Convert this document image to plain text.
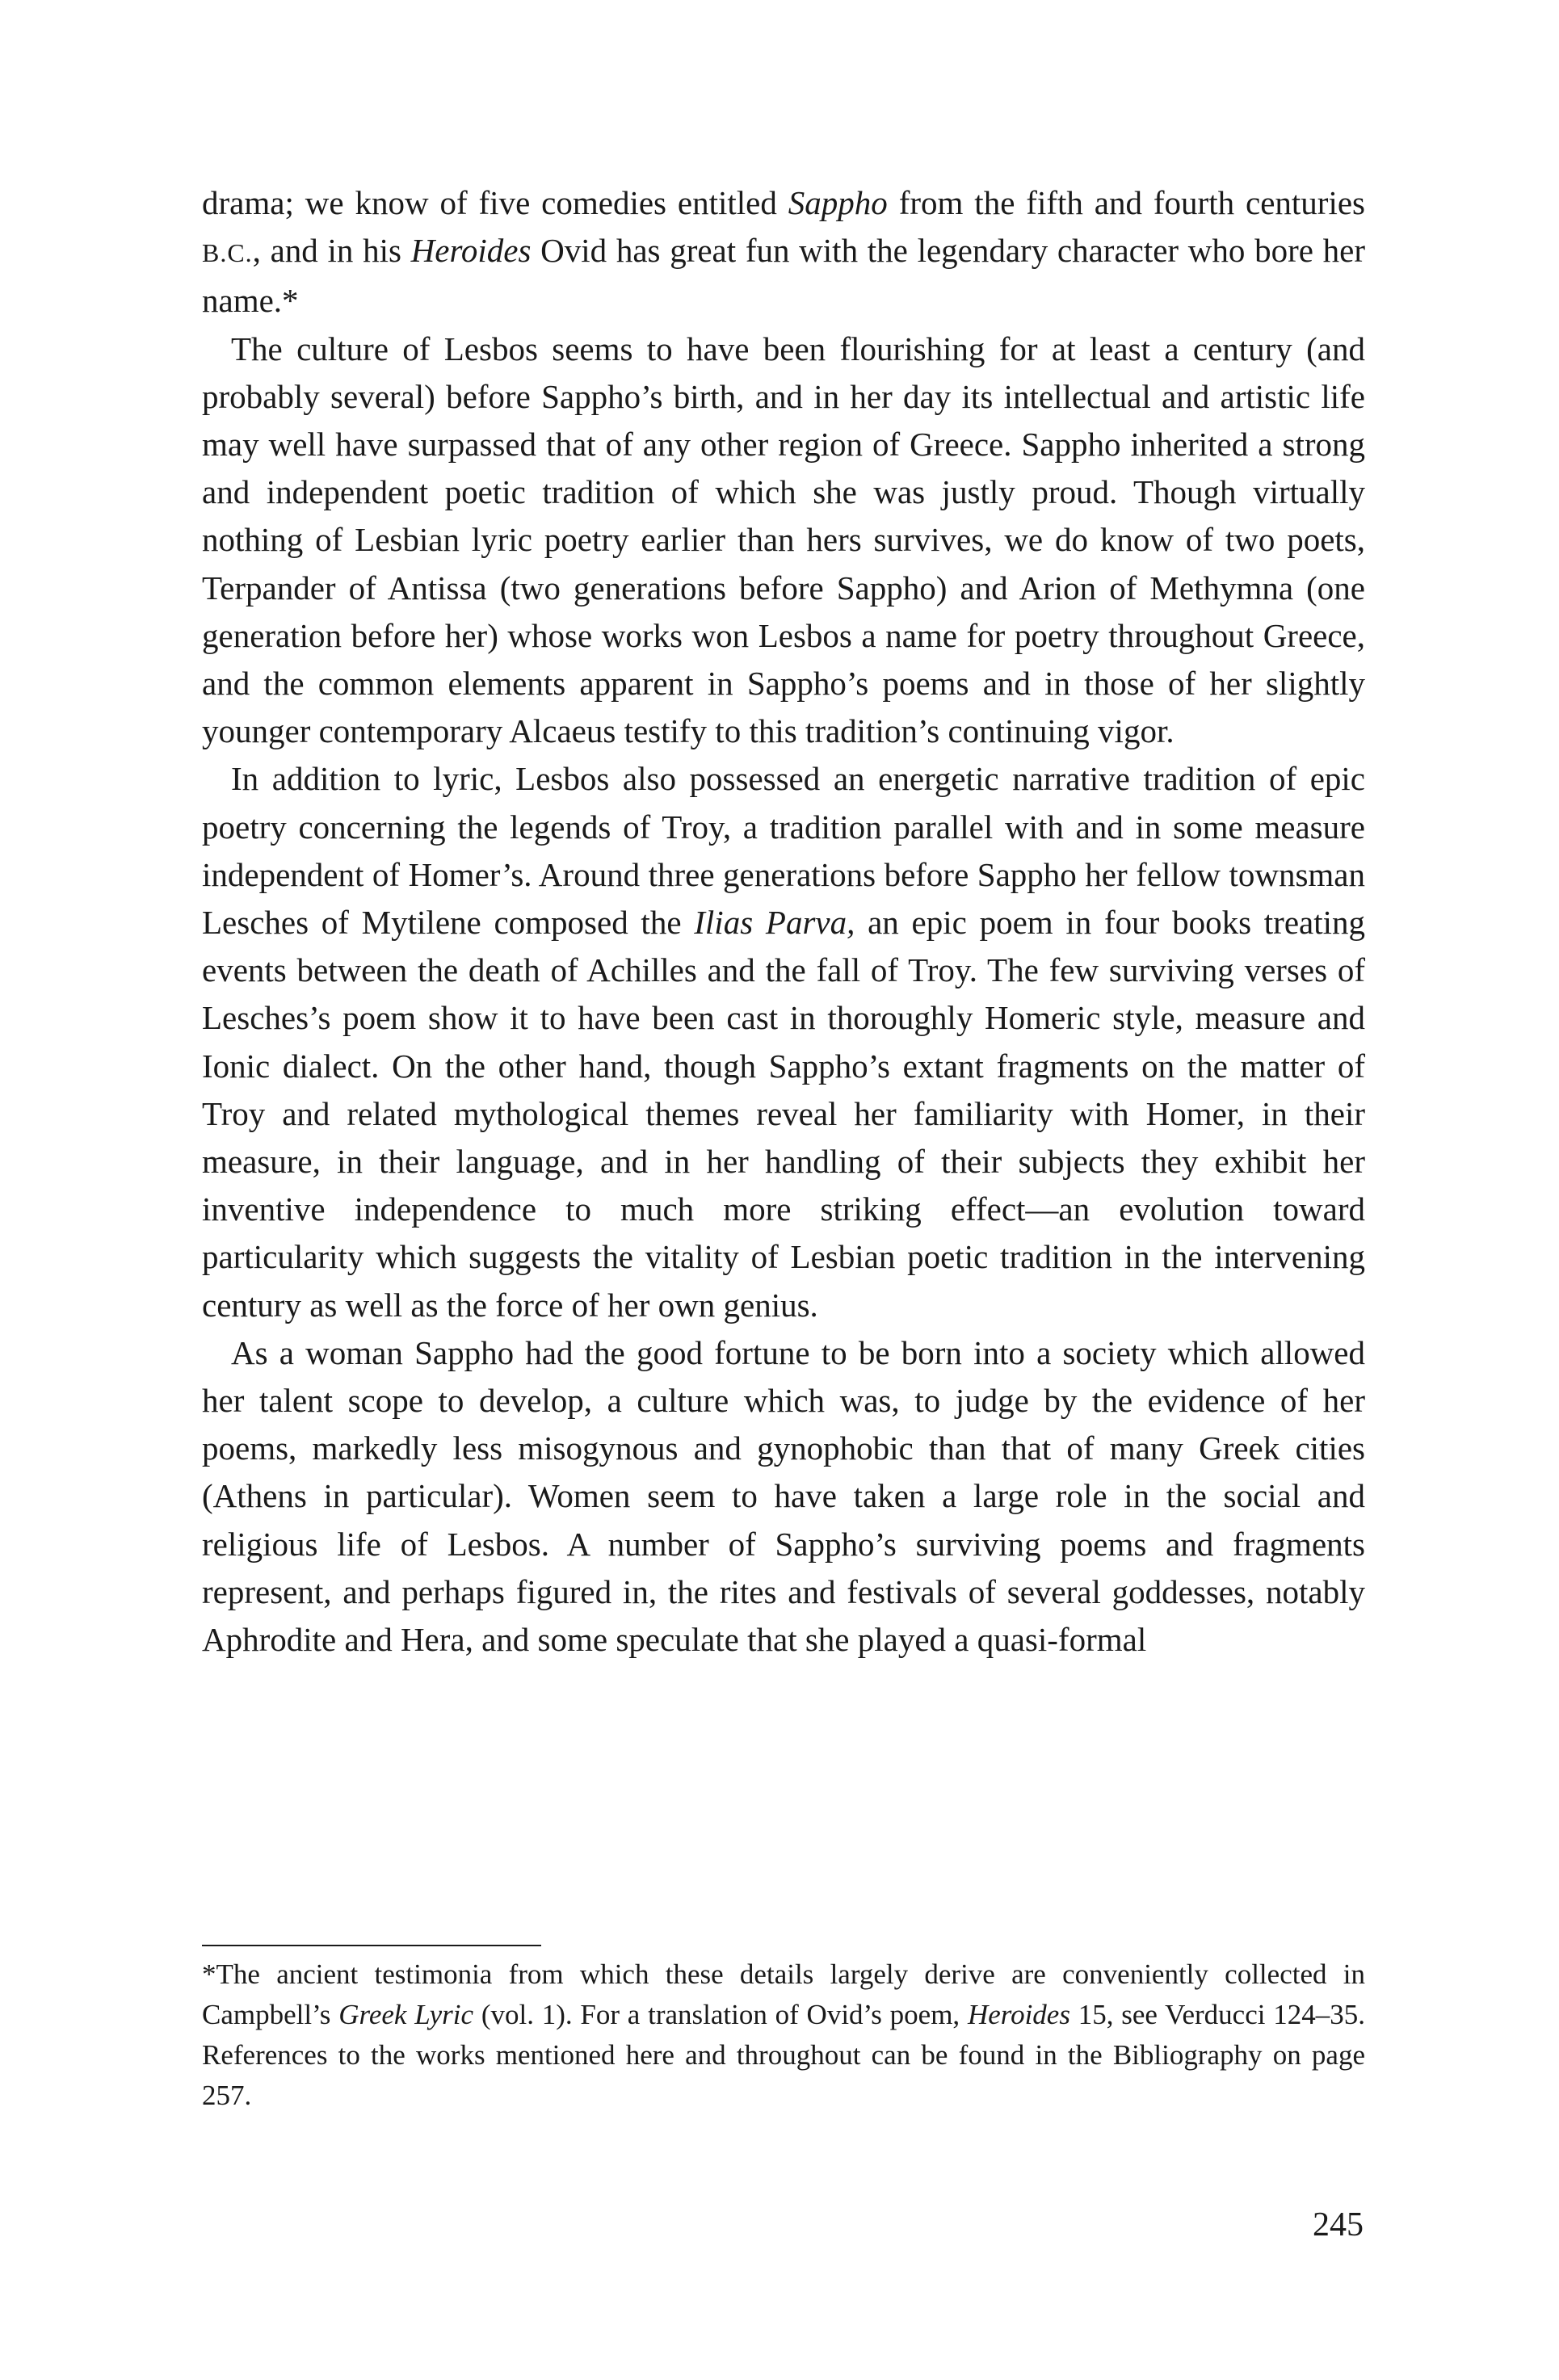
drama; we know of five comedies entitled Sappho from the fifth and fourth centuries B.C., and in his Heroides Ovid has great fun with the legendary character who bore her name.*

The culture of Lesbos seems to have been flourishing for at least a century (and probably several) before Sappho’s birth, and in her day its intellectual and artistic life may well have surpassed that of any other region of Greece. Sappho inherited a strong and independent poetic tradition of which she was justly proud. Though virtually nothing of Lesbian lyric poetry earlier than hers survives, we do know of two poets, Terpander of Antissa (two generations before Sappho) and Arion of Methymna (one generation before her) whose works won Lesbos a name for poetry throughout Greece, and the common elements apparent in Sappho’s poems and in those of her slightly younger contemporary Alcaeus testify to this tradition’s continuing vigor.

In addition to lyric, Lesbos also possessed an energetic narrative tradition of epic poetry concerning the legends of Troy, a tradition parallel with and in some measure independent of Homer’s. Around three generations before Sappho her fellow townsman Lesches of Mytilene composed the Ilias Parva, an epic poem in four books treating events between the death of Achilles and the fall of Troy. The few surviving verses of Lesches’s poem show it to have been cast in thoroughly Homeric style, measure and Ionic dialect. On the other hand, though Sappho’s extant fragments on the matter of Troy and related mythological themes reveal her familiarity with Homer, in their measure, in their language, and in her handling of their subjects they exhibit her inventive independence to much more striking effect—an evolution toward particularity which suggests the vitality of Lesbian poetic tradition in the intervening century as well as the force of her own genius.

As a woman Sappho had the good fortune to be born into a society which allowed her talent scope to develop, a culture which was, to judge by the evidence of her poems, markedly less misogynous and gynophobic than that of many Greek cities (Athens in particular). Women seem to have taken a large role in the social and religious life of Lesbos. A number of Sappho’s surviving poems and fragments represent, and perhaps figured in, the rites and festivals of several goddesses, notably Aphrodite and Hera, and some speculate that she played a quasi-formal

*The ancient testimonia from which these details largely derive are conveniently collected in Campbell’s Greek Lyric (vol. 1). For a translation of Ovid’s poem, Heroides 15, see Verducci 124–35. References to the works mentioned here and throughout can be found in the Bibliography on page 257.

245
